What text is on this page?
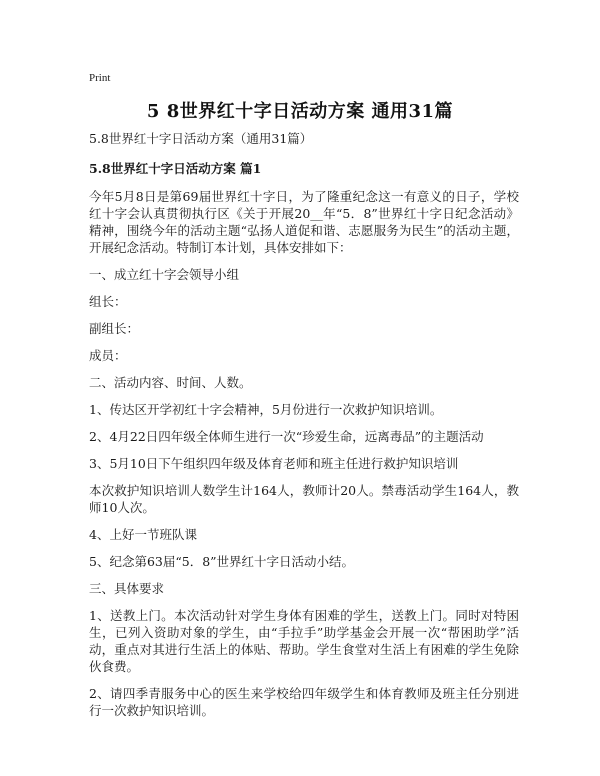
Print
5 8世界红十字日活动方案 通用31篇

5.8世界红十字日活动方案（通用31篇）

5.8世界红十字日活动方案 篇1

今年5月8日是第69届世界红十字日，为了隆重纪念这一有意义的日子，学校红十字会认真贯彻执行区《关于开展20__年“5．8”世界红十字日纪念活动》精神，围绕今年的活动主题“弘扬人道促和谐、志愿服务为民生”的活动主题，开展纪念活动。特制订本计划，具体安排如下：

一、成立红十字会领导小组

组长：

副组长：

成员：

二、活动内容、时间、人数。

1、传达区开学初红十字会精神，5月份进行一次救护知识培训。

2、4月22日四年级全体师生进行一次“珍爱生命，远离毒品”的主题活动

3、5月10日下午组织四年级及体育老师和班主任进行救护知识培训

本次救护知识培训人数学生计164人，教师计20人。禁毒活动学生164人，教师10人次。

4、上好一节班队课

5、纪念第63届“5．8”世界红十字日活动小结。

三、具体要求

1、送教上门。本次活动针对学生身体有困难的学生，送教上门。同时对特困生，已列入资助对象的学生，由“手拉手”助学基金会开展一次“帮困助学”活动，重点对其进行生活上的体贴、帮助。学生食堂对生活上有困难的学生免除伙食费。

2、请四季青服务中心的医生来学校给四年级学生和体育教师及班主任分别进行一次救护知识培训。
